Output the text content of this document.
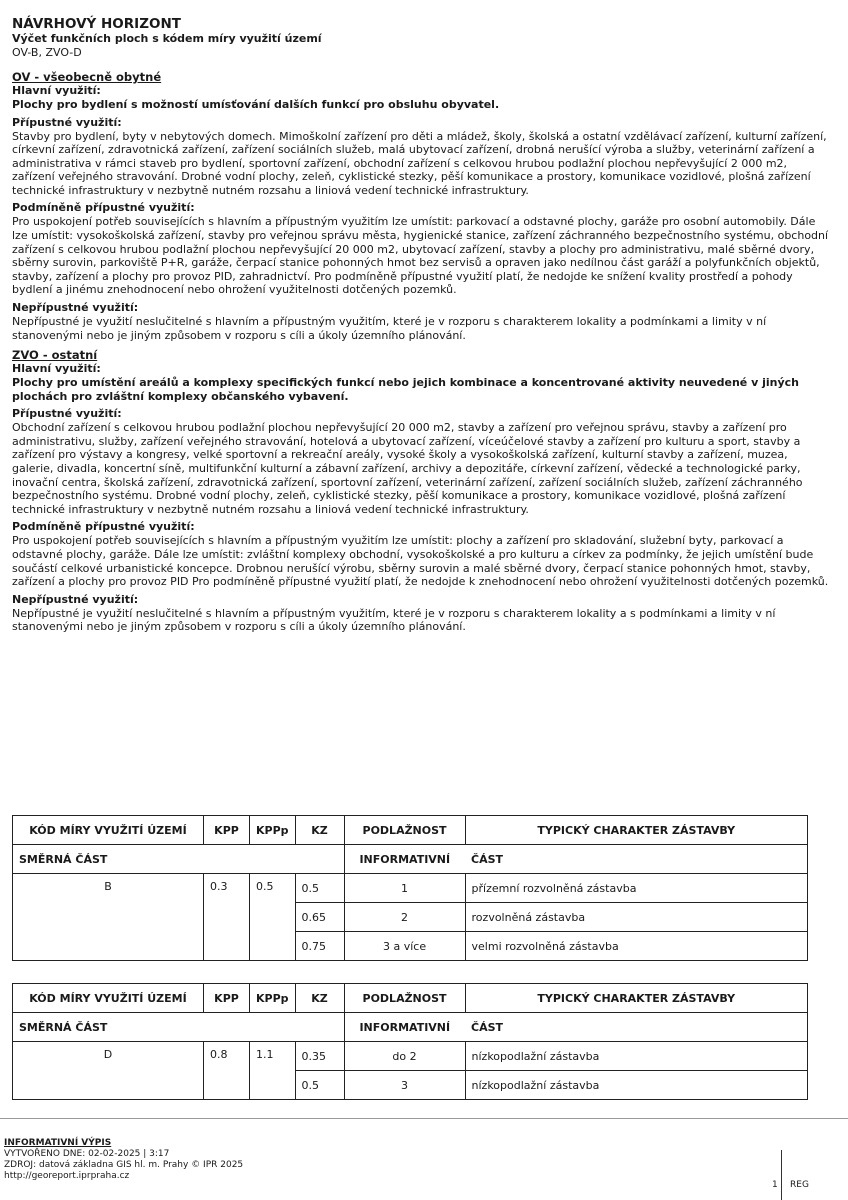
NÁVRHOVÝ HORIZONT
Výčet funkčních ploch s kódem míry využití území
OV-B, ZVO-D
OV - všeobecně obytné
Hlavní využití:
Plochy pro bydlení s možností umísťování dalších funkcí pro obsluhu obyvatel.
Přípustné využití:
Stavby pro bydlení, byty v nebytových domech. Mimoškolní zařízení pro děti a mládež, školy, školská a ostatní vzdělávací zařízení, kulturní zařízení, církevní zařízení, zdravotnická zařízení, zařízení sociálních služeb, malá ubytovací zařízení, drobná nerušící výroba a služby, veterinární zařízení a administrativa v rámci staveb pro bydlení, sportovní zařízení, obchodní zařízení s celkovou hrubou podlažní plochou nepřevyšující 2 000 m2, zařízení veřejného stravování. Drobné vodní plochy, zeleň, cyklistické stezky, pěší komunikace a prostory, komunikace vozidlové, plošná zařízení technické infrastruktury v nezbytně nutném rozsahu a liniová vedení technické infrastruktury.
Podmíněně přípustné využití:
Pro uspokojení potřeb souvisejících s hlavním a přípustným využitím lze umístit: parkovací a odstavné plochy, garáže pro osobní automobily. Dále lze umístit: vysokoškolská zařízení, stavby pro veřejnou správu města, hygienické stanice, zařízení záchranného bezpečnostního systému, obchodní zařízení s celkovou hrubou podlažní plochou nepřevyšující 20 000 m2, ubytovací zařízení, stavby a plochy pro administrativu, malé sběrné dvory, sběrny surovin, parkoviště P+R, garáže, čerpací stanice pohonných hmot bez servisů a opraven jako nedílnou část garáží a polyfunkčních objektů, stavby, zařízení a plochy pro provoz PID, zahradnictví. Pro podmíněně přípustné využití platí, že nedojde ke snížení kvality prostředí a pohody bydlení a jinému znehodnocení nebo ohrožení využitelnosti dotčených pozemků.
Nepřípustné využití:
Nepřípustné je využití neslučitelné s hlavním a přípustným využitím, které je v rozporu s charakterem lokality a podmínkami a limity v ní stanovenými nebo je jiným způsobem v rozporu s cíli a úkoly územního plánování.
ZVO - ostatní
Hlavní využití:
Plochy pro umístění areálů a komplexy specifických funkcí nebo jejich kombinace a koncentrované aktivity neuvedené v jiných plochách pro zvláštní komplexy občanského vybavení.
Přípustné využití:
Obchodní zařízení s celkovou hrubou podlažní plochou nepřevyšující 20 000 m2, stavby a zařízení pro veřejnou správu, stavby a zařízení pro administrativu, služby, zařízení veřejného stravování, hotelová a ubytovací zařízení, víceúčelové stavby a zařízení pro kulturu a sport, stavby a zařízení pro výstavy a kongresy, velké sportovní a rekreační areály, vysoké školy a vysokoškolská zařízení, kulturní stavby a zařízení, muzea, galerie, divadla, koncertní síně, multifunkční kulturní a zábavní zařízení, archivy a depozitáře, církevní zařízení, vědecké a technologické parky, inovační centra, školská zařízení, zdravotnická zařízení, sportovní zařízení, veterinární zařízení, zařízení sociálních služeb, zařízení záchranného bezpečnostního systému. Drobné vodní plochy, zeleň, cyklistické stezky, pěší komunikace a prostory, komunikace vozidlové, plošná zařízení technické infrastruktury v nezbytně nutném rozsahu a liniová vedení technické infrastruktury.
Podmíněně přípustné využití:
Pro uspokojení potřeb souvisejících s hlavním a přípustným využitím lze umístit: plochy a zařízení pro skladování, služební byty, parkovací a odstavné plochy, garáže. Dále lze umístit: zvláštní komplexy obchodní, vysokoškolské a pro kulturu a církev za podmínky, že jejich umístění bude součástí celkové urbanistické koncepce. Drobnou nerušící výrobu, sběrny surovin a malé sběrné dvory, čerpací stanice pohonných hmot, stavby, zařízení a plochy pro provoz PID Pro podmíněně přípustné využití platí, že nedojde k znehodnocení nebo ohrožení využitelnosti dotčených pozemků.
Nepřípustné využití:
Nepřípustné je využití neslučitelné s hlavním a přípustným využitím, které je v rozporu s charakterem lokality a s podmínkami a limity v ní stanovenými nebo je jiným způsobem v rozporu s cíli a úkoly územního plánování.
KÓD MÍRY VYUŽITÍ ÚZEMÍ	KPP	KPPp	KZ	PODLAŽNOST	TYPICKÝ CHARAKTER ZÁSTAVBY
SMĚRNÁ ČÁST				INFORMATIVNÍ	ČÁST
B	0.3	0.5	0.5	1	přízemní rozvolněná zástavba
			0.65	2	rozvolněná zástavba
			0.75	3 a více	velmi rozvolněná zástavba
KÓD MÍRY VYUŽITÍ ÚZEMÍ	KPP	KPPp	KZ	PODLAŽNOST	TYPICKÝ CHARAKTER ZÁSTAVBY
SMĚRNÁ ČÁST				INFORMATIVNÍ	ČÁST
D	0.8	1.1	0.35	do 2	nízkopodlažní zástavba
			0.5	3	nízkopodlažní zástavba
INFORMATIVNÍ VÝPIS
VYTVOŘENO DNE: 02-02-2025 | 3:17
ZDROJ: datová základna GIS hl. m. Prahy © IPR 2025
http://georeport.iprpraha.cz
1 REG
